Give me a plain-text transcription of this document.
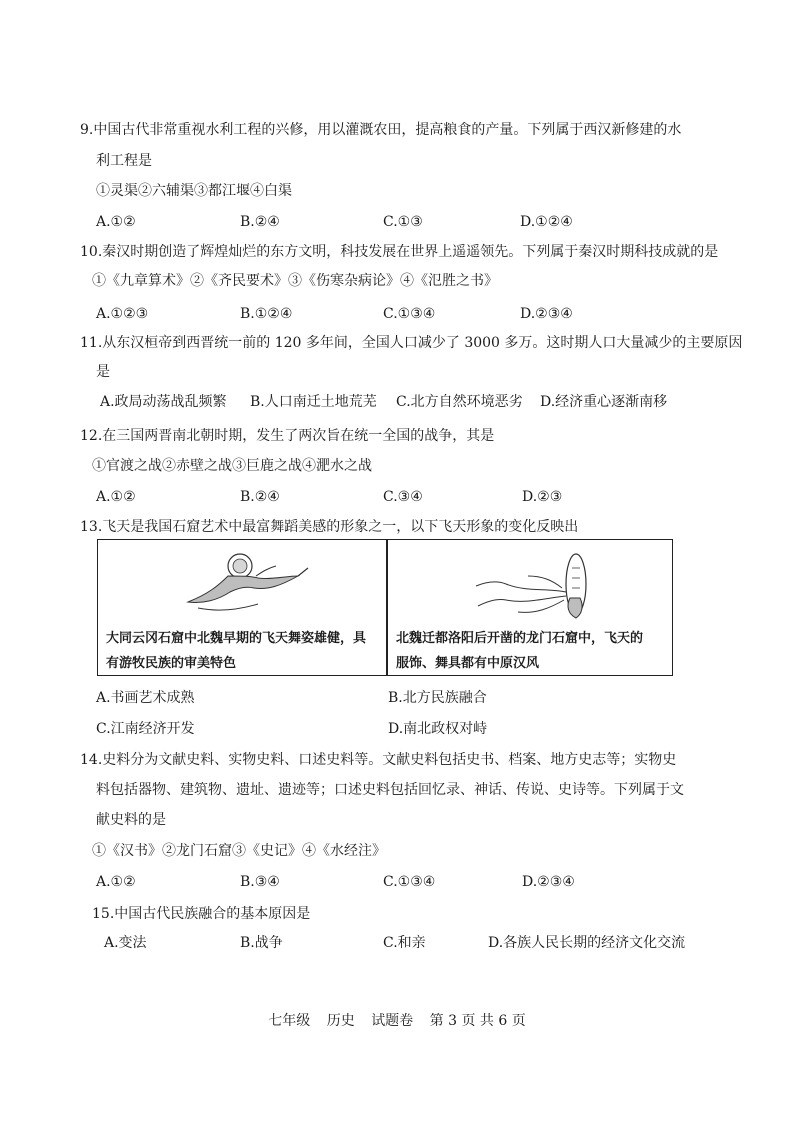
9.中国古代非常重视水利工程的兴修，用以灌溉农田，提高粮食的产量。下列属于西汉新修建的水
利工程是
①灵渠②六辅渠③都江堰④白渠
A.①②	B.②④	C.①③	D.①②④
10.秦汉时期创造了辉煌灿烂的东方文明，科技发展在世界上遥遥领先。下列属于秦汉时期科技成就的是
①《九章算术》②《齐民要术》③《伤寒杂病论》④《氾胜之书》
A.①②③	B.①②④	C.①③④	D.②③④
11.从东汉桓帝到西晋统一前的 120 多年间，全国人口减少了 3000 多万。这时期人口大量减少的主要原因
是
A.政局动荡战乱频繁 B.人口南迁土地荒芜 C.北方自然环境恶劣 D.经济重心逐渐南移
12.在三国两晋南北朝时期，发生了两次旨在统一全国的战争，其是
①官渡之战②赤壁之战③巨鹿之战④淝水之战
A.①②	B.②④	C.③④	D.②③
13.飞天是我国石窟艺术中最富舞蹈美感的形象之一，以下飞天形象的变化反映出
大同云冈石窟中北魏早期的飞天舞姿雄健，具
有游牧民族的审美特色
北魏迁都洛阳后开凿的龙门石窟中，飞天的
服饰、舞具都有中原汉风
A.书画艺术成熟	B.北方民族融合
C.江南经济开发	D.南北政权对峙
14.史料分为文献史料、实物史料、口述史料等。文献史料包括史书、档案、地方史志等；实物史
料包括器物、建筑物、遗址、遗迹等；口述史料包括回忆录、神话、传说、史诗等。下列属于文
献史料的是
①《汉书》②龙门石窟③《史记》④《水经注》
A.①②	B.③④	C.①③④	D.②③④
15.中国古代民族融合的基本原因是
A.变法	B.战争	C.和亲	D.各族人民长期的经济文化交流
七年级 历史 试题卷 第 3 页 共 6 页
